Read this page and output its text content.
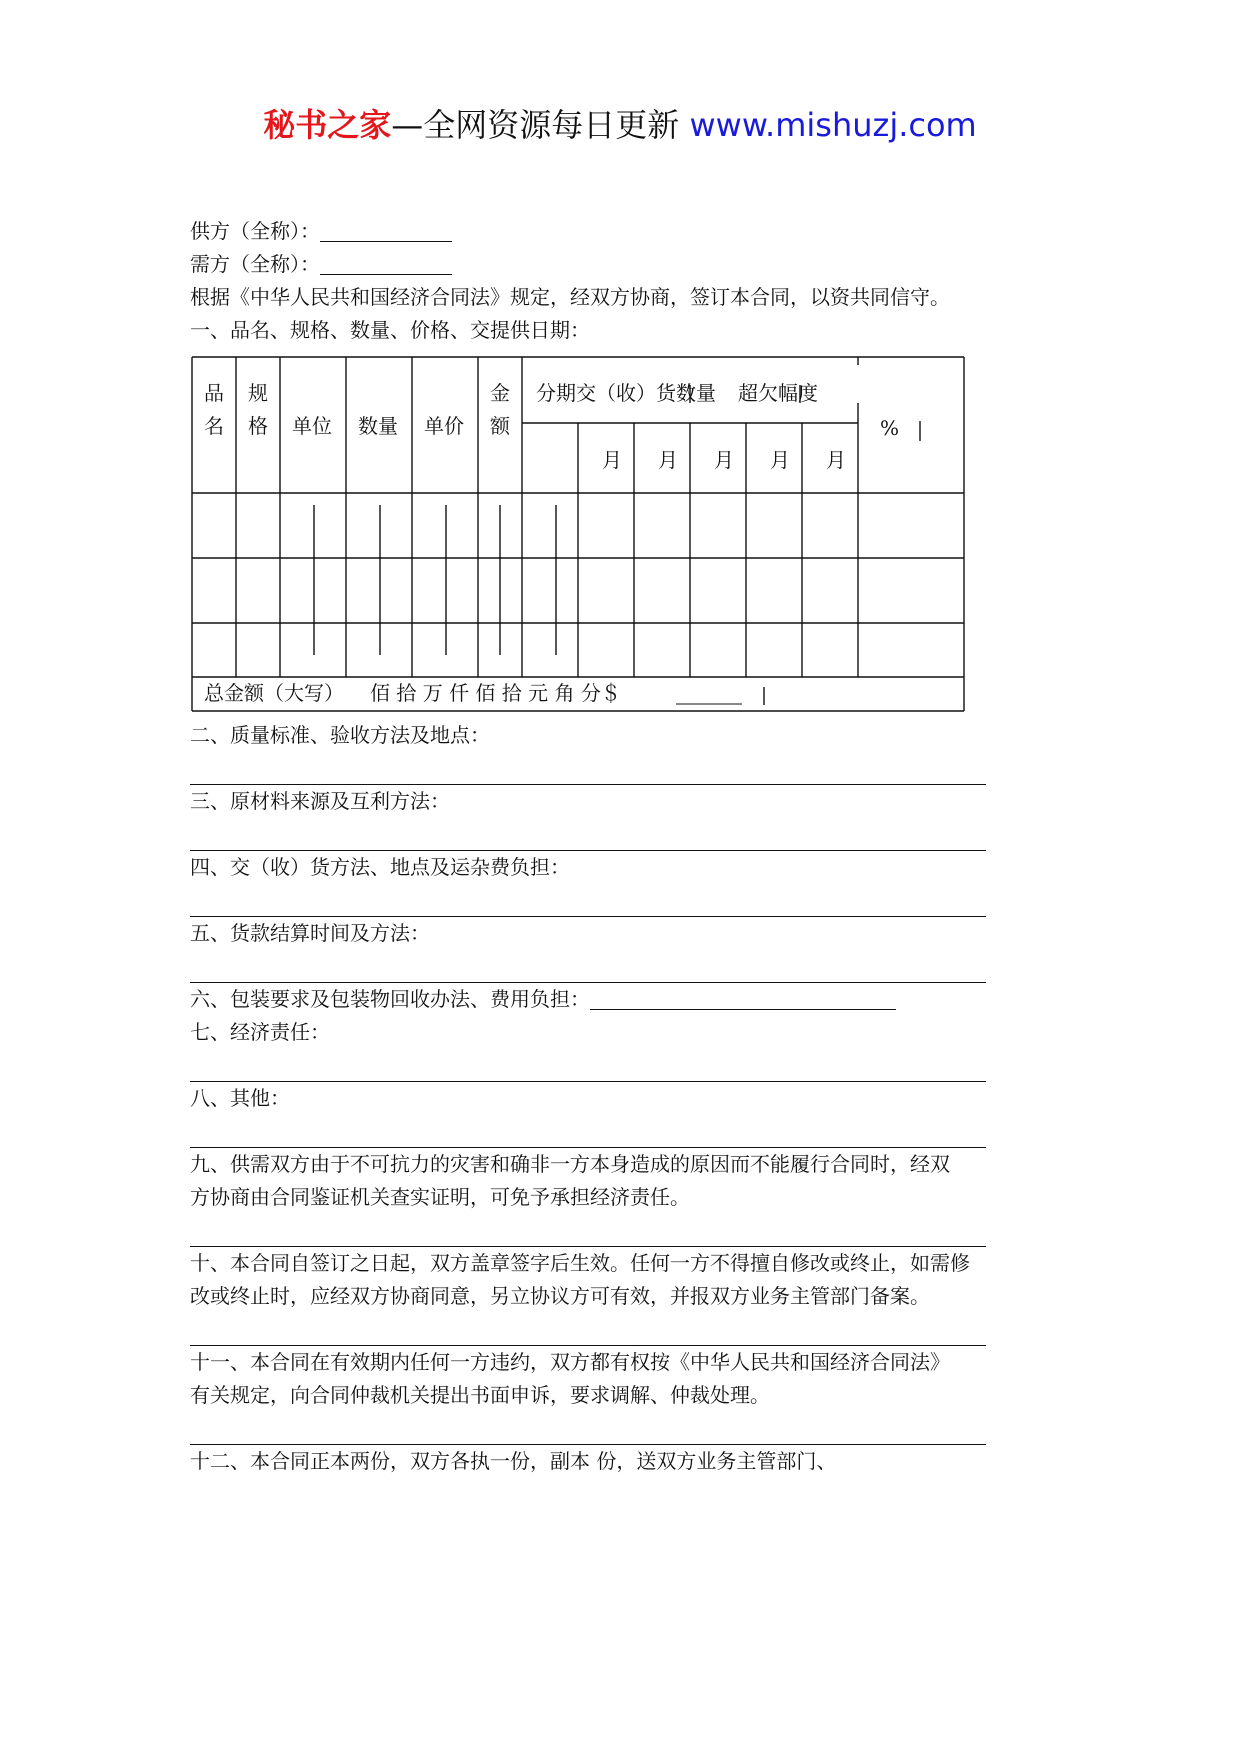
秘书之家—全网资源每日更新 www.mishuzj.com
供方（全称）：
需方（全称）：
根据《中华人民共和国经济合同法》规定，经双方协商，签订本合同，以资共同信守。
一、品名、规格、数量、价格、交提供日期：
品
名
规
格 单位 数量 单价
金
额
分期交（收）货数量 超欠幅度
%
月 月 月 月 月
总金额（大写） 佰 拾 万 仟 佰 拾 元 角 分＄
二、质量标准、验收方法及地点：
三、原材料来源及互利方法：
四、交（收）货方法、地点及运杂费负担：
五、货款结算时间及方法：
六、包装要求及包装物回收办法、费用负担：
七、经济责任：
八、其他：
九、供需双方由于不可抗力的灾害和确非一方本身造成的原因而不能履行合同时，经双方协商由合同鉴证机关查实证明，可免予承担经济责任。
十、本合同自签订之日起，双方盖章签字后生效。任何一方不得擅自修改或终止，如需修改或终止时，应经双方协商同意，另立协议方可有效，并报双方业务主管部门备案。
十一、本合同在有效期内任何一方违约，双方都有权按《中华人民共和国经济合同法》有关规定，向合同仲裁机关提出书面申诉，要求调解、仲裁处理。
十二、本合同正本两份，双方各执一份，副本 份，送双方业务主管部门、
